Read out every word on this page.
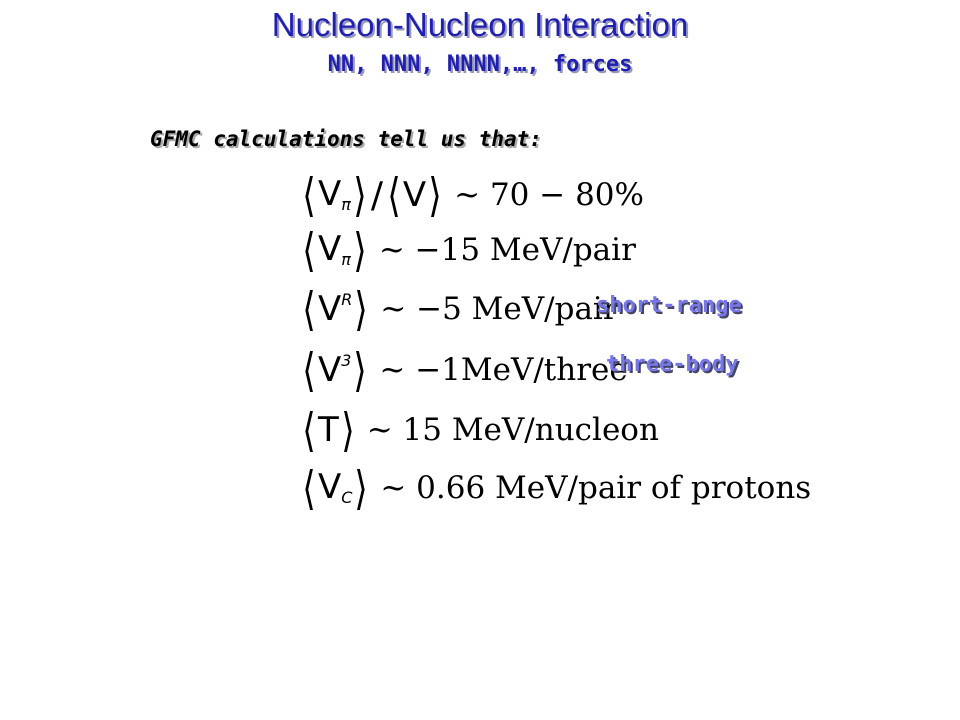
Nucleon-Nucleon Interaction
NN, NNN, NNNN,…, forces
GFMC calculations tell us that:
⟨ $V_\pi$ ⟩ / ⟨ V ⟩ ~ 70 − 80%
⟨ $V_\pi$ ⟩ ~ −15 MeV/pair
⟨ $V^R$ ⟩ ~ −5 MeV/pair
short-range
⟨ $V^3$ ⟩ ~ −1MeV/three
three-body
⟨ T ⟩ ~ 15 MeV/nucleon
⟨ $V_C$ ⟩ ~ 0.66 MeV/pair of protons
